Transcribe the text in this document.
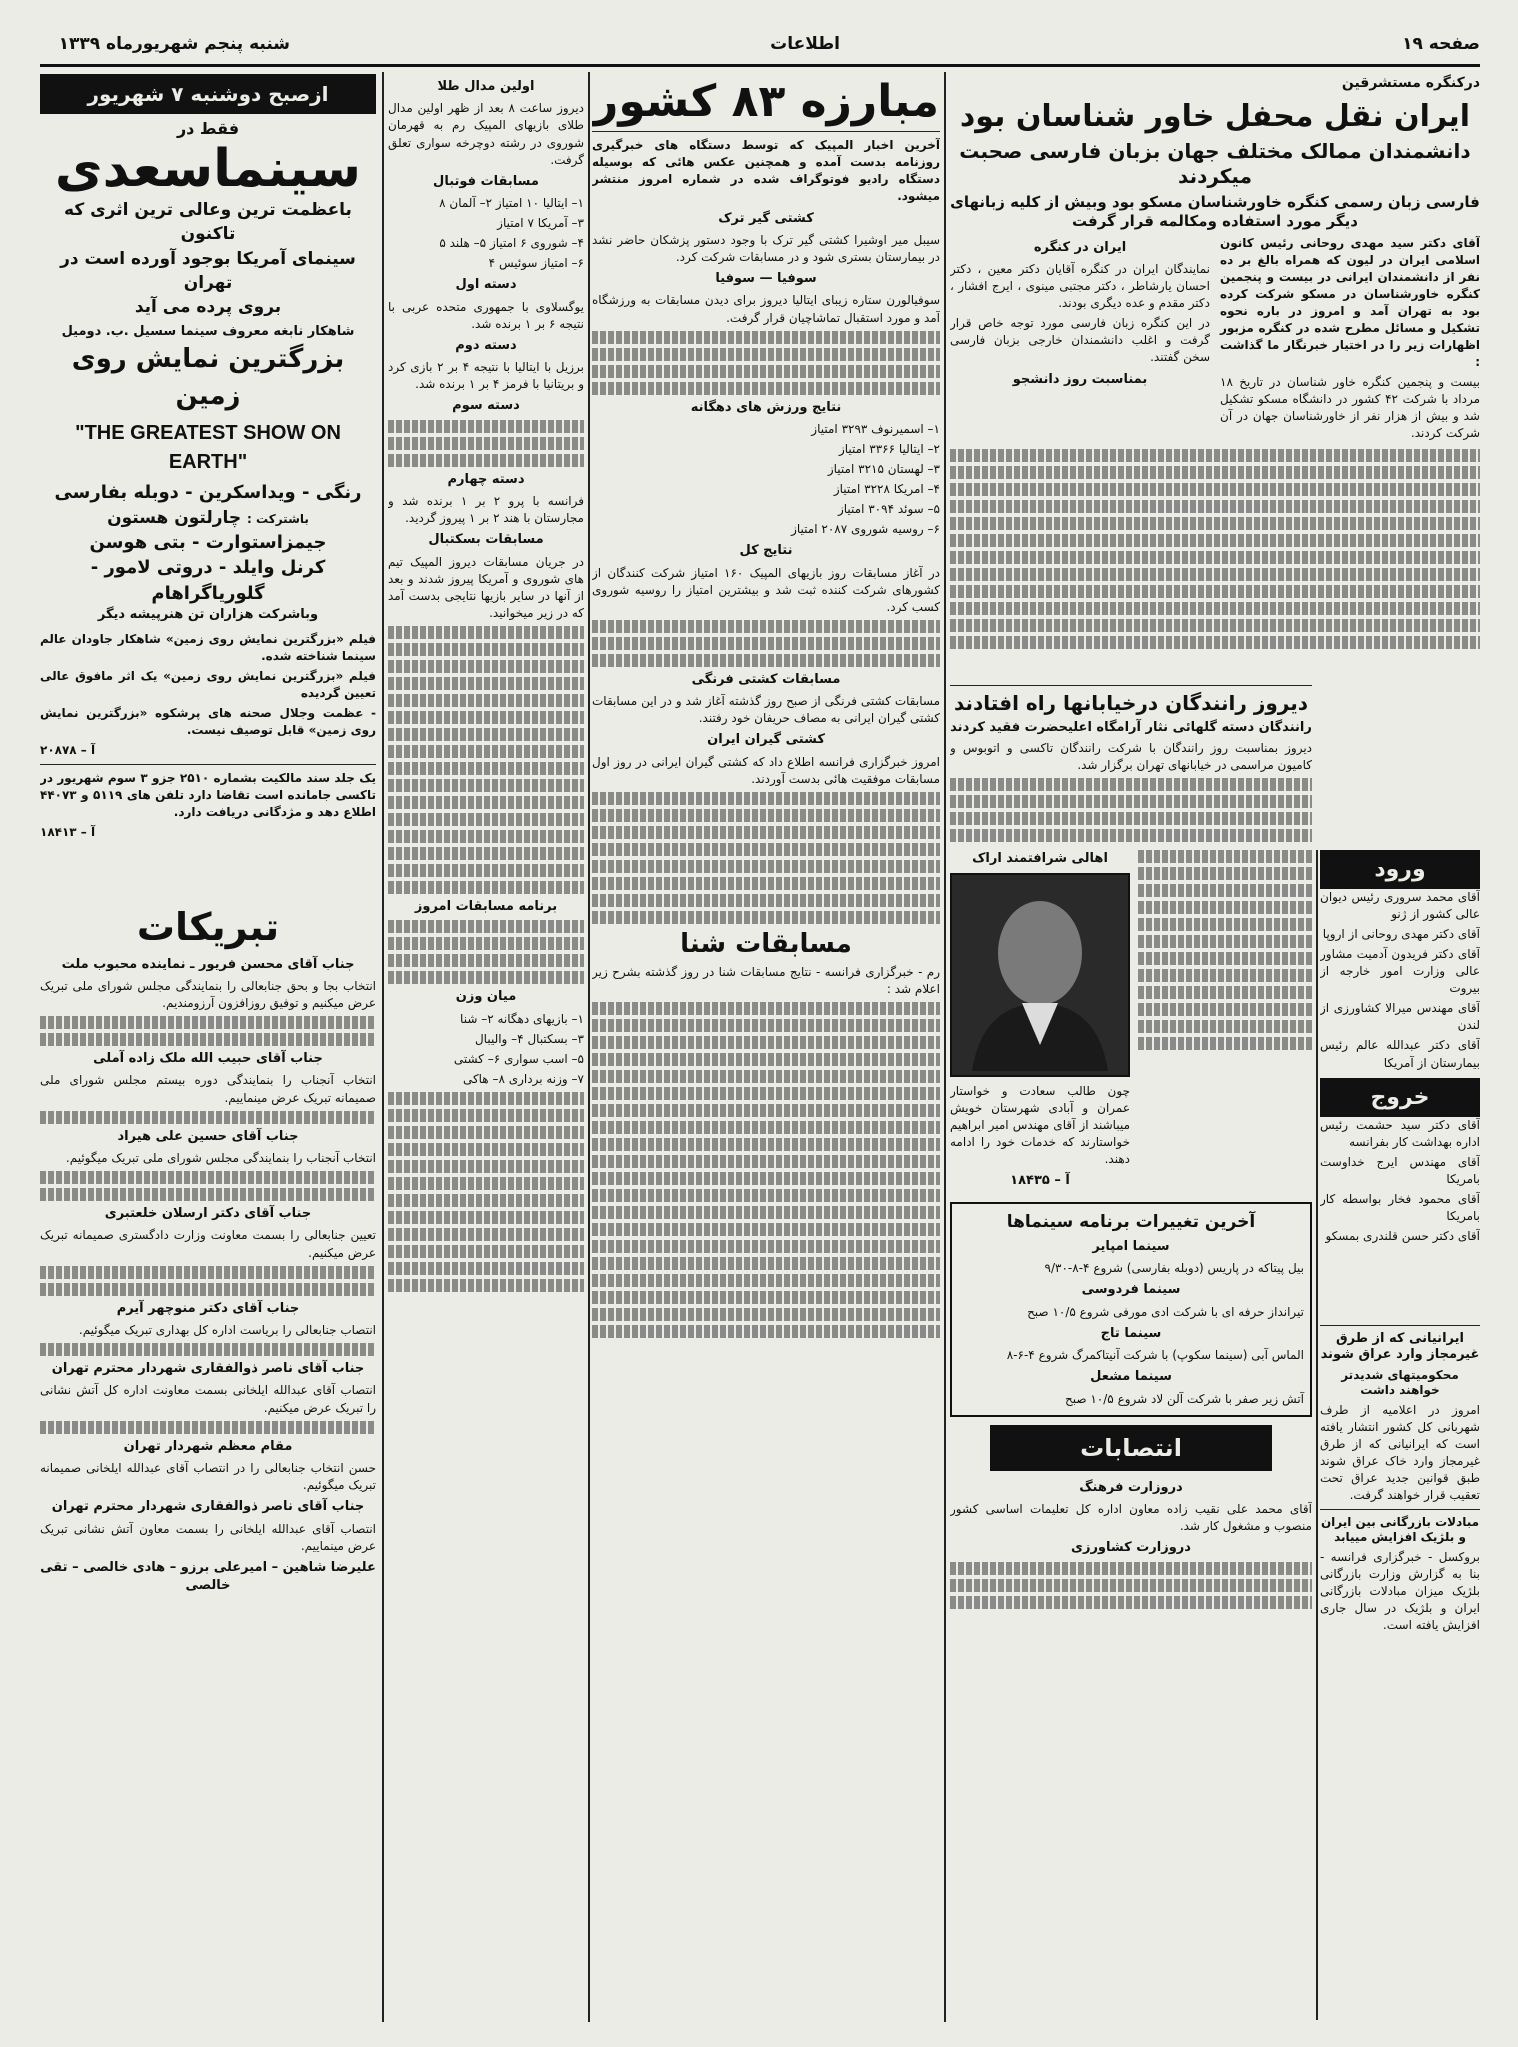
صفحه ۱۹
اطلاعات
شنبه پنجم شهریورماه ۱۳۳۹
درکنگره مستشرقین
ایران نقل محفل خاور شناسان بود
دانشمندان ممالک مختلف جهان بزبان فارسی صحبت میکردند
فارسی زبان رسمی کنگره خاورشناسان مسکو بود وبیش از کلیه زبانهای دیگر مورد استفاده ومکالمه قرار گرفت

آقای دکتر سید مهدی روحانی رئیس کانون اسلامی ایران در لیون که همراه بالغ بر ده نفر از دانشمندان ایرانی در بیست و پنجمین کنگره خاورشناسان در مسکو شرکت کرده بود به تهران آمد و امروز در باره نحوه تشکیل و مسائل مطرح شده در کنگره مزبور اظهارات زیر را در اختیار خبرنگار ما گذاشت :

بیست و پنجمین کنگره خاور شناسان در تاریخ ۱۸ مرداد با شرکت ۴۲ کشور در دانشگاه مسکو تشکیل شد و بیش از هزار نفر از خاورشناسان جهان در آن شرکت کردند.

ایران در کنگره

نمایندگان ایران در کنگره آقایان دکتر معین ، دکتر احسان یارشاطر ، دکتر مجتبی مینوی ، ایرج افشار ، دکتر مقدم و عده دیگری بودند.

در این کنگره زبان فارسی مورد توجه خاص قرار گرفت و اغلب دانشمندان خارجی بزبان فارسی سخن گفتند.

بمناسبت روز دانشجو
دیروز رانندگان درخیابانها راه افتادند
رانندگان دسته گلهائی نثار آرامگاه اعلیحضرت فقید کردند

دیروز بمناسبت روز رانندگان با شرکت رانندگان تاکسی و اتوبوس و کامیون مراسمی در خیابانهای تهران برگزار شد.

اهالی شرافتمند اراک

چون طالب سعادت و خواستار عمران و آبادی شهرستان خویش میباشند از آقای مهندس امیر ابراهیم خواستارند که خدمات خود را ادامه دهند.

آ – ۱۸۴۳۵
آخرین تغییرات برنامه سینماها
سینما امپایر

بیل پیتاکه در پاریس (دوبله بفارسی) شروع ۴-۸-۹/۳۰

سینما فردوسی

تیرانداز حرفه ای با شرکت ادی مورفی شروع ۱۰/۵ صبح

سینما تاج

الماس آبی (سینما سکوپ) با شرکت آنیتاکمرگ شروع ۴-۶-۸

سینما مشعل

آتش زیر صفر با شرکت آلن لاد شروع ۱۰/۵ صبح

انتصابات
دروزارت فرهنگ

آقای محمد علی نقیب زاده معاون اداره کل تعلیمات اساسی کشور منصوب و مشغول کار شد.

دروزارت کشاورزی
ورود

آقای محمد سروری رئیس دیوان عالی کشور از ژنو

آقای دکتر مهدی روحانی از اروپا

آقای دکتر فریدون آدمیت مشاور عالی وزارت امور خارجه از بیروت

آقای مهندس میرالا کشاورزی از لندن

آقای دکتر عبدالله عالم رئیس بیمارستان از آمریکا

خروج

آقای دکتر سید حشمت رئیس اداره بهداشت کار بفرانسه

آقای مهندس ایرج خداوست بامریکا

آقای محمود فخار بواسطه کار بامریکا

آقای دکتر حسن قلندری بمسکو

ایرانیانی که از طرق غیرمجاز وارد عراق شوند
محکومیتهای شدیدتر خواهند داشت

امروز در اعلامیه از طرف شهربانی کل کشور انتشار یافته است که ایرانیانی که از طرق غیرمجاز وارد خاک عراق شوند طبق قوانین جدید عراق تحت تعقیب قرار خواهند گرفت.

مبادلات بازرگانی بین ایران و بلژیک افزایش مییابد

بروکسل - خبرگزاری فرانسه - بنا به گزارش وزارت بازرگانی بلژیک میزان مبادلات بازرگانی ایران و بلژیک در سال جاری افزایش یافته است.

مبارزه ۸۳ کشور

آخرین اخبار المپیک که توسط دستگاه های خبرگیری روزنامه بدست آمده و همچنین عکس هائی که بوسیله دستگاه رادیو فوتوگراف شده در شماره امروز منتشر میشود.

کشتی گیر ترک

سیبل میر اوشیرا کشتی گیر ترک با وجود دستور پزشکان حاضر نشد در بیمارستان بستری شود و در مسابقات شرکت کرد.

سوفیا — سوفیا

سوفیالورن ستاره زیبای ایتالیا دیروز برای دیدن مسابقات به ورزشگاه آمد و مورد استقبال تماشاچیان قرار گرفت.

نتایج ورزش های دهگانه

۱– اسمیرنوف ۳۲۹۳ امتیاز

۲– ایتالیا ۳۳۶۶ امتیاز

۳– لهستان ۳۲۱۵ امتیاز

۴– امریکا ۳۲۲۸ امتیاز

۵– سوئد ۳۰۹۴ امتیاز

۶– روسیه شوروی ۲۰۸۷ امتیاز

نتایج کل

در آغاز مسابقات روز بازیهای المپیک ۱۶۰ امتیاز شرکت کنندگان از کشورهای شرکت کننده ثبت شد و بیشترین امتیاز را روسیه شوروی کسب کرد.

مسابقات کشتی فرنگی

مسابقات کشتی فرنگی از صبح روز گذشته آغاز شد و در این مسابقات کشتی گیران ایرانی به مصاف حریفان خود رفتند.

کشتی گیران ایران

امروز خبرگزاری فرانسه اطلاع داد که کشتی گیران ایرانی در روز اول مسابقات موفقیت هائی بدست آوردند.

مسابقات شنا

رم - خبرگزاری فرانسه - نتایج مسابقات شنا در روز گذشته بشرح زیر اعلام شد :

اولین مدال طلا

دیروز ساعت ۸ بعد از ظهر اولین مدال طلای بازیهای المپیک رم به قهرمان شوروی در رشته دوچرخه سواری تعلق گرفت.

مسابقات فوتبال

۱– ایتالیا ۱۰ امتیاز ۲– آلمان ۸

۳– آمریکا ۷ امتیاز

۴– شوروی ۶ امتیاز ۵– هلند ۵

۶– امتیاز سوئیس ۴

دسته اول

یوگسلاوی با جمهوری متحده عربی با نتیجه ۶ بر ۱ برنده شد.

دسته دوم

برزیل با ایتالیا با نتیجه ۴ بر ۲ بازی کرد و بریتانیا با فرمز ۴ بر ۱ برنده شد.

دسته سوم
دسته چهارم

فرانسه با پرو ۲ بر ۱ برنده شد و مجارستان با هند ۲ بر ۱ پیروز گردید.

مسابقات بسکتبال

در جریان مسابقات دیروز المپیک تیم های شوروی و آمریکا پیروز شدند و بعد از آنها در سایر بازیها نتایجی بدست آمد که در زیر میخوانید.

برنامه مسابقات امروز
میان وزن

۱– بازیهای دهگانه ۲– شنا

۳– بسکتبال ۴– والیبال

۵– اسب سواری ۶– کشتی

۷– وزنه برداری ۸– هاکی

ازصبح دوشنبه ۷ شهریور
فقط در
سینماسعدی
باعظمت ترین وعالی ترین اثری که تاکنون
سینمای آمریکا بوجود آورده است در تهران
بروی پرده می آید
شاهکار نابغه معروف سینما سسیل .ب. دومیل
بزرگترین نمایش روی زمین
"THE GREATEST SHOW ON EARTH"
رنگی - ویداسکرین - دوبله بفارسی
باشترکت : چارلتون هستون
جیمزاستوارت - بتی هوسن
کرنل وایلد - دروتی لامور - گلوریاگراهام
وباشرکت هزاران تن هنرپیشه دیگر

فیلم «بزرگترین نمایش روی زمین» شاهکار جاودان عالم سینما شناخته شده.

فیلم «بزرگترین نمایش روی زمین» یک اثر مافوق عالی تعیین گردیده

- عظمت وجلال صحنه های پرشکوه «بزرگترین نمایش روی زمین» قابل توصیف نیست.

آ – ۲۰۸۷۸

یک جلد سند مالکیت بشماره ۲۵۱۰ جزو ۳ سوم شهریور در تاکسی جامانده است تقاضا دارد تلفن های ۵۱۱۹ و ۴۴۰۷۳ اطلاع دهد و مژدگانی دریافت دارد.

آ – ۱۸۴۱۳
تبریکات
جناب آقای محسن فریور ـ نماینده محبوب ملت

انتخاب بجا و بحق جنابعالی را بنمایندگی مجلس شورای ملی تبریک عرض میکنیم و توفیق روزافزون آرزومندیم.

جناب آقای حبیب الله ملک زاده آملی

انتخاب آنجناب را بنمایندگی دوره بیستم مجلس شورای ملی صمیمانه تبریک عرض مینماییم.

جناب آقای حسین علی هیراد

انتخاب آنجناب را بنمایندگی مجلس شورای ملی تبریک میگوئیم.

جناب آقای دکتر ارسلان خلعتبری

تعیین جنابعالی را بسمت معاونت وزارت دادگستری صمیمانه تبریک عرض میکنیم.

جناب آقای دکتر منوچهر آیرم

انتصاب جنابعالی را بریاست اداره کل بهداری تبریک میگوئیم.

جناب آقای ناصر ذوالفقاری شهردار محترم تهران

انتصاب آقای عبدالله ایلخانی بسمت معاونت اداره کل آتش نشانی را تبریک عرض میکنیم.

مقام معظم شهردار تهران

حسن انتخاب جنابعالی را در انتصاب آقای عبدالله ایلخانی صمیمانه تبریک میگوئیم.

جناب آقای ناصر ذوالفقاری شهردار محترم تهران

انتصاب آقای عبدالله ایلخانی را بسمت معاون آتش نشانی تبریک عرض مینماییم.

علیرضا شاهین – امیرعلی برزو – هادی خالصی – تقی خالصی
